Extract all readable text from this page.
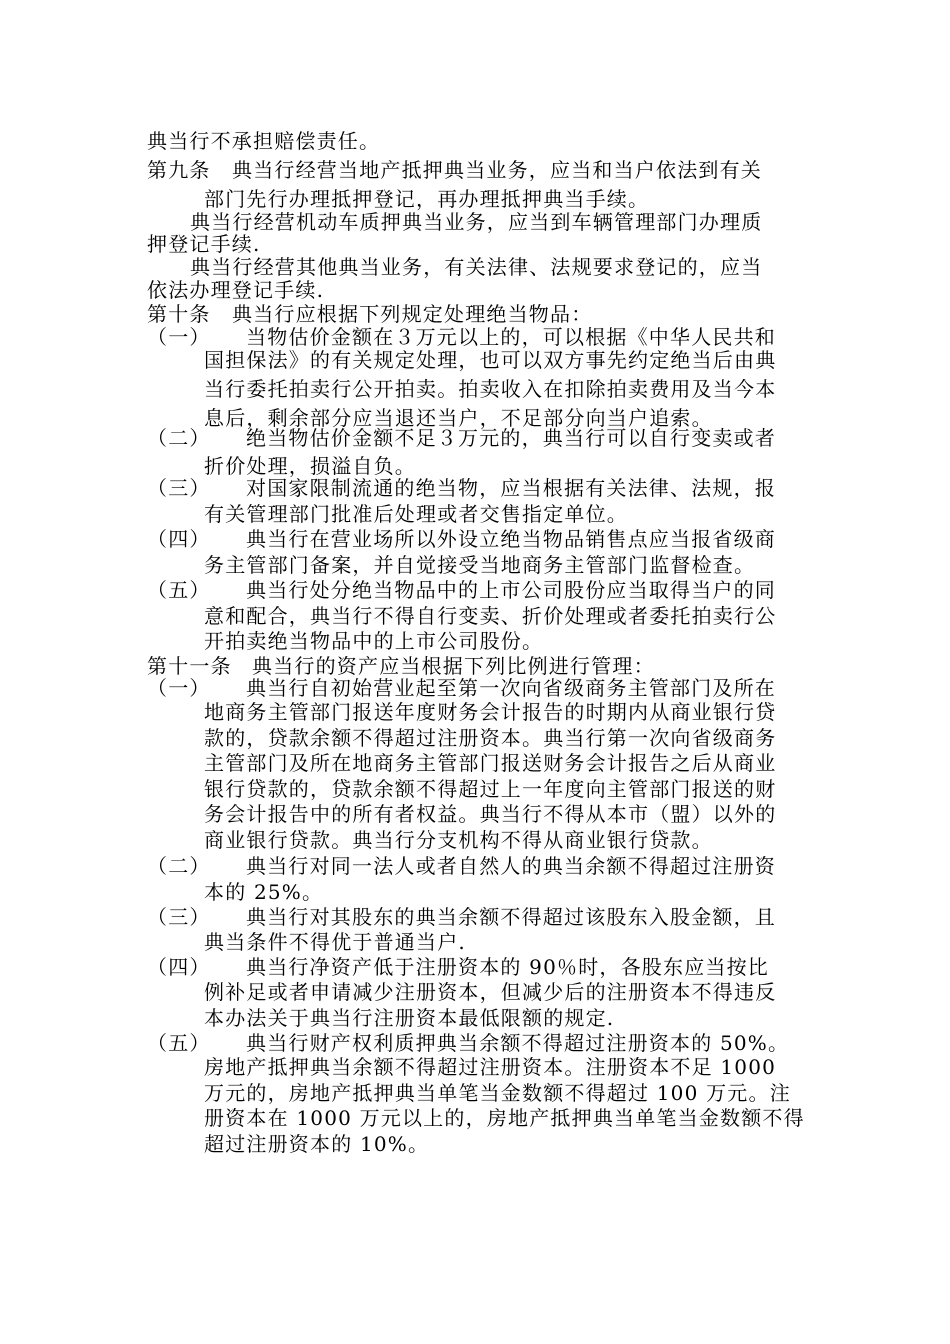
典当行不承担赔偿责任。
第九条 典当行经营当地产抵押典当业务，应当和当户依法到有关
部门先行办理抵押登记，再办理抵押典当手续。
典当行经营机动车质押典当业务，应当到车辆管理部门办理质
押登记手续.
典当行经营其他典当业务，有关法律、法规要求登记的，应当
依法办理登记手续.
第十条 典当行应根据下列规定处理绝当物品：
（一） 当物估价金额在３万元以上的，可以根据《中华人民共和
国担保法》的有关规定处理，也可以双方事先约定绝当后由典
当行委托拍卖行公开拍卖。拍卖收入在扣除拍卖费用及当今本
息后，剩余部分应当退还当户，不足部分向当户追索。
（二） 绝当物估价金额不足３万元的，典当行可以自行变卖或者
折价处理，损溢自负。
（三） 对国家限制流通的绝当物，应当根据有关法律、法规，报
有关管理部门批准后处理或者交售指定单位。
（四） 典当行在营业场所以外设立绝当物品销售点应当报省级商
务主管部门备案，并自觉接受当地商务主管部门监督检查。
（五） 典当行处分绝当物品中的上市公司股份应当取得当户的同
意和配合，典当行不得自行变卖、折价处理或者委托拍卖行公
开拍卖绝当物品中的上市公司股份。
第十一条 典当行的资产应当根据下列比例进行管理：
（一） 典当行自初始营业起至第一次向省级商务主管部门及所在
地商务主管部门报送年度财务会计报告的时期内从商业银行贷
款的，贷款余额不得超过注册资本。典当行第一次向省级商务
主管部门及所在地商务主管部门报送财务会计报告之后从商业
银行贷款的，贷款余额不得超过上一年度向主管部门报送的财
务会计报告中的所有者权益。典当行不得从本市（盟）以外的
商业银行贷款。典当行分支机构不得从商业银行贷款。
（二） 典当行对同一法人或者自然人的典当余额不得超过注册资
本的 25%。
（三） 典当行对其股东的典当余额不得超过该股东入股金额，且
典当条件不得优于普通当户.
（四） 典当行净资产低于注册资本的 90％时，各股东应当按比
例补足或者申请减少注册资本，但减少后的注册资本不得违反
本办法关于典当行注册资本最低限额的规定.
（五） 典当行财产权利质押典当余额不得超过注册资本的 50%。
房地产抵押典当余额不得超过注册资本。注册资本不足 1000
万元的，房地产抵押典当单笔当金数额不得超过 100 万元。注
册资本在 1000 万元以上的，房地产抵押典当单笔当金数额不得
超过注册资本的 10%。
